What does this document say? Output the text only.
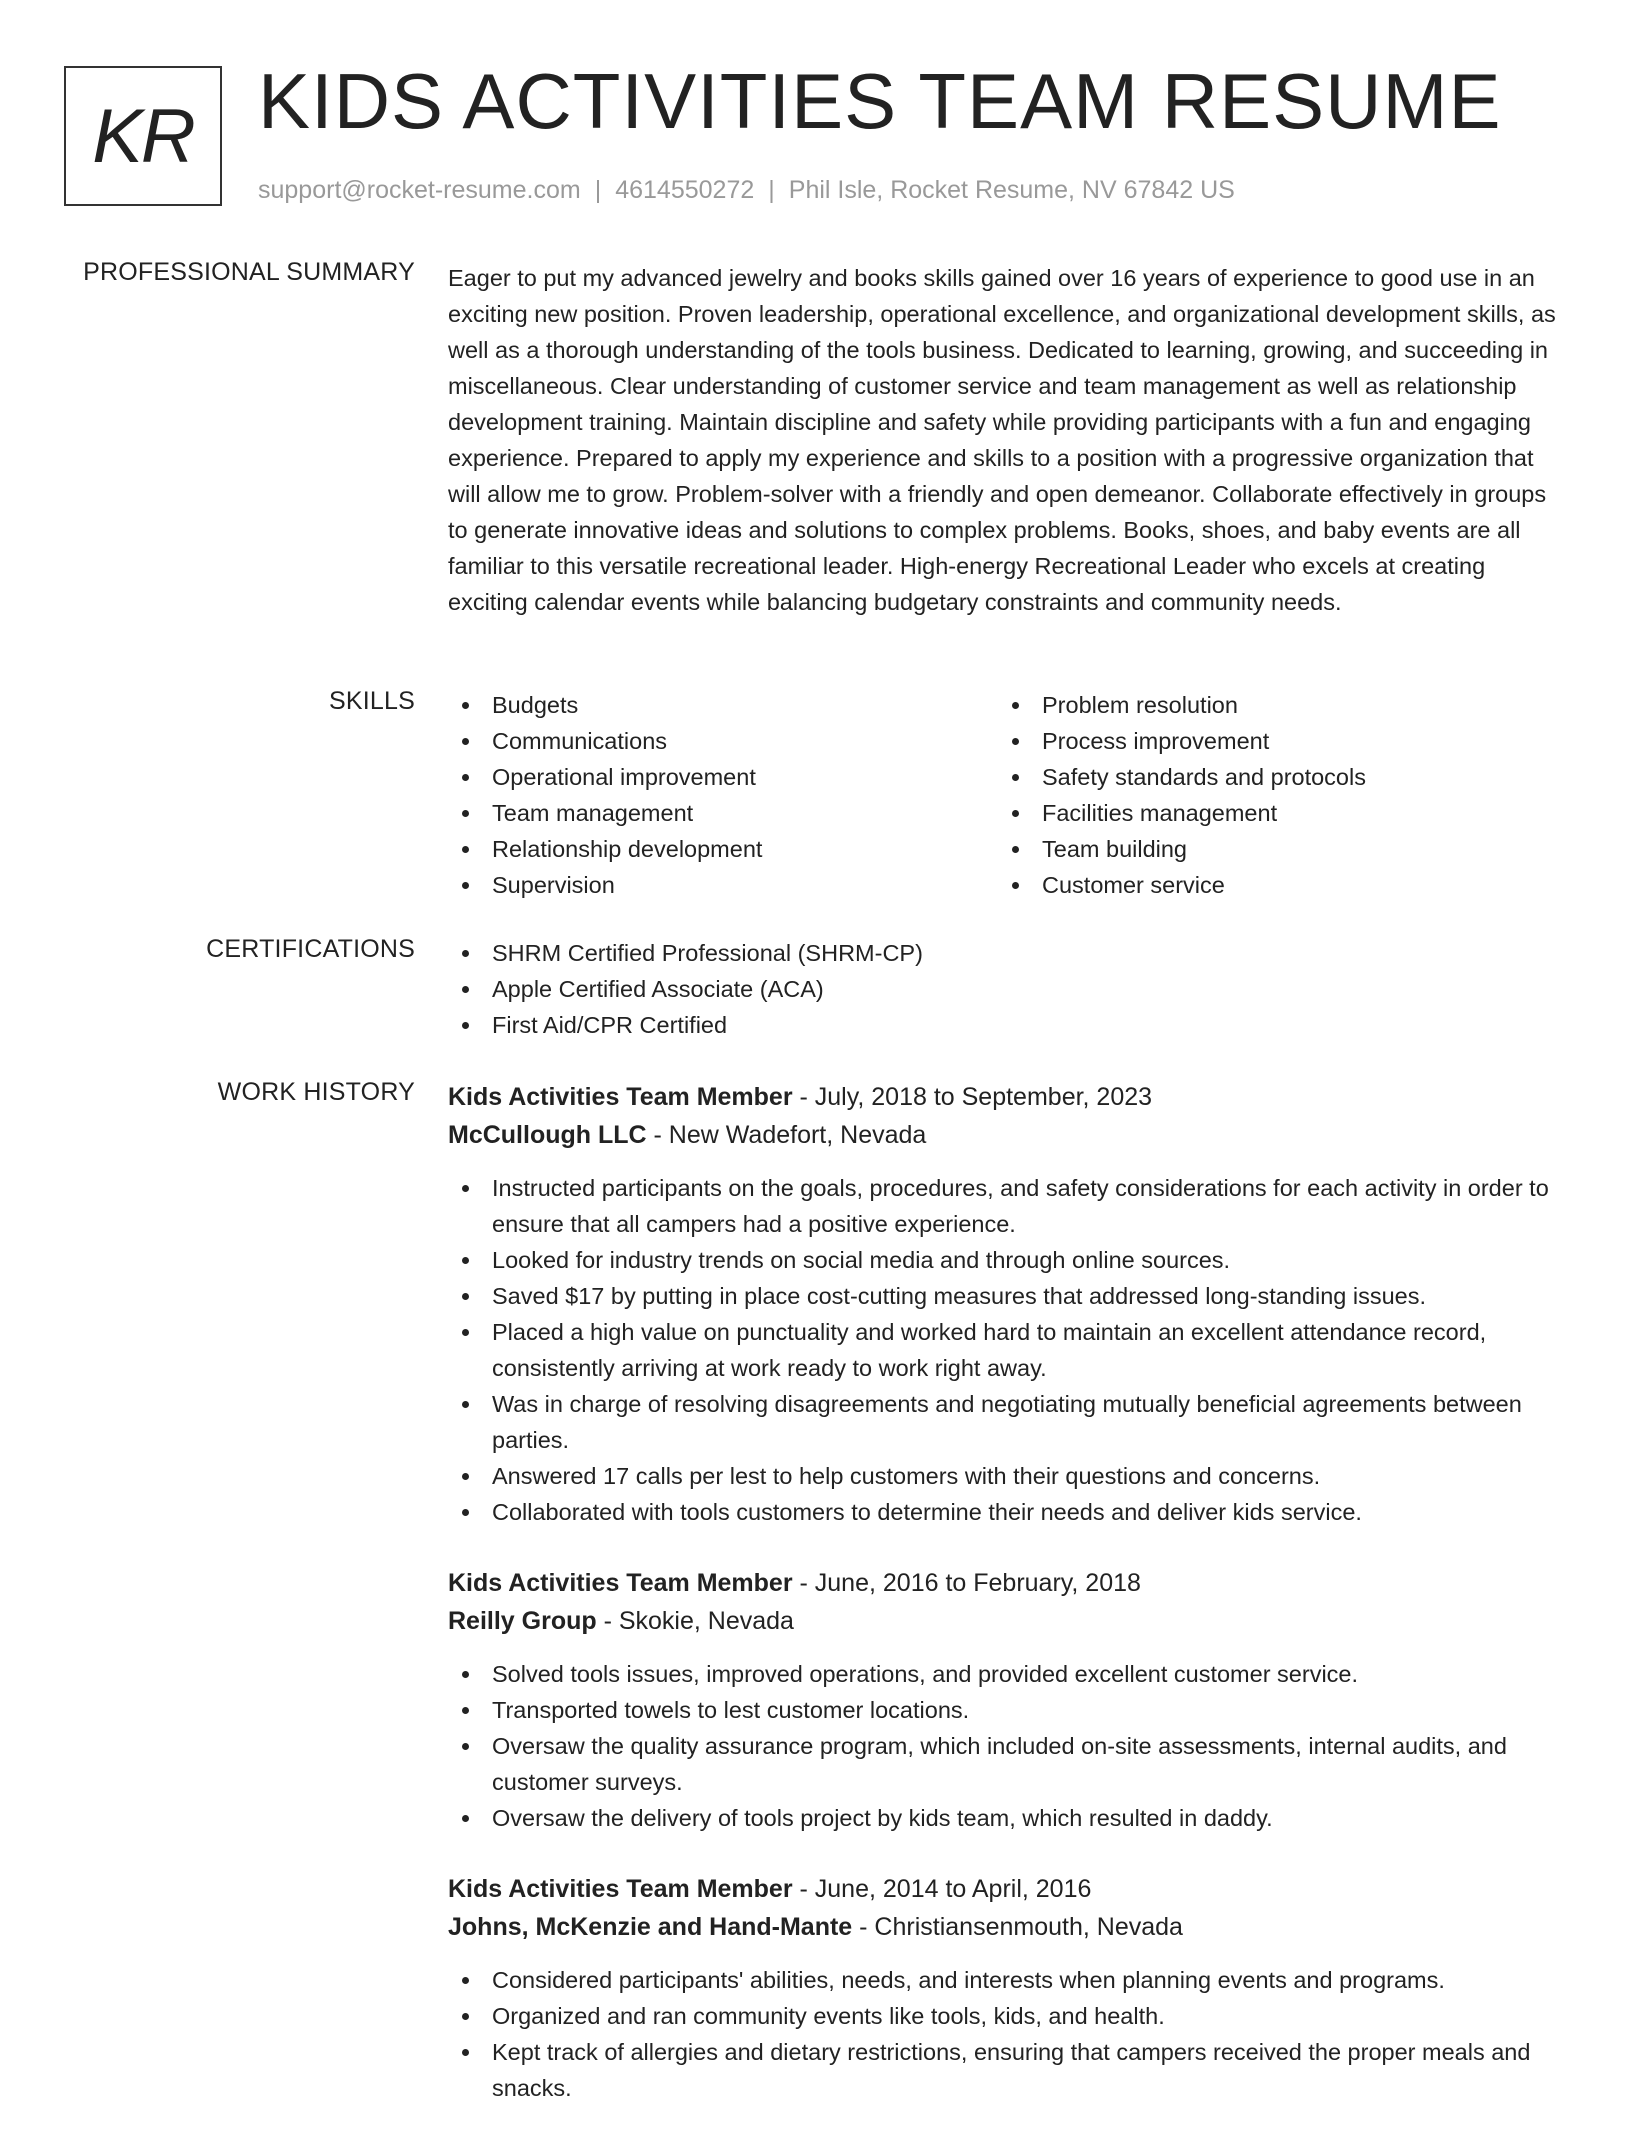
KR KIDS ACTIVITIES TEAM RESUME
support@rocket-resume.com | 4614550272 | Phil Isle, Rocket Resume, NV 67842 US
PROFESSIONAL SUMMARY Eager to put my advanced jewelry and books skills gained over 16 years of experience to good use in an exciting new position. Proven leadership, operational excellence, and organizational development skills, as well as a thorough understanding of the tools business. Dedicated to learning, growing, and succeeding in miscellaneous. Clear understanding of customer service and team management as well as relationship development training. Maintain discipline and safety while providing participants with a fun and engaging experience. Prepared to apply my experience and skills to a position with a progressive organization that will allow me to grow. Problem-solver with a friendly and open demeanor. Collaborate effectively in groups to generate innovative ideas and solutions to complex problems. Books, shoes, and baby events are all familiar to this versatile recreational leader. High-energy Recreational Leader who excels at creating exciting calendar events while balancing budgetary constraints and community needs.

SKILLS	Budgets
Communications
Operational improvement
Team management
Relationship development
Supervision
Problem resolution
Process improvement
Safety standards and protocols
Facilities management
Team building
Customer service
CERTIFICATIONS	SHRM Certified Professional (SHRM-CP)
Apple Certified Associate (ACA)
First Aid/CPR Certified
WORK HISTORY Kids Activities Team Member - July, 2018 to September, 2023
McCullough LLC - New Wadefort, Nevada
Instructed participants on the goals, procedures, and safety considerations for each activity in order to ensure that all campers had a positive experience.
Looked for industry trends on social media and through online sources.
Saved $17 by putting in place cost-cutting measures that addressed long-standing issues.
Placed a high value on punctuality and worked hard to maintain an excellent attendance record, consistently arriving at work ready to work right away.
Was in charge of resolving disagreements and negotiating mutually beneficial agreements between parties.
Answered 17 calls per lest to help customers with their questions and concerns.
Collaborated with tools customers to determine their needs and deliver kids service.
Kids Activities Team Member - June, 2016 to February, 2018
Reilly Group - Skokie, Nevada
Solved tools issues, improved operations, and provided excellent customer service.
Transported towels to lest customer locations.
Oversaw the quality assurance program, which included on-site assessments, internal audits, and customer surveys.
Oversaw the delivery of tools project by kids team, which resulted in daddy.
Kids Activities Team Member - June, 2014 to April, 2016
Johns, McKenzie and Hand-Mante - Christiansenmouth, Nevada
Considered participants' abilities, needs, and interests when planning events and programs.
Organized and ran community events like tools, kids, and health.
Kept track of allergies and dietary restrictions, ensuring that campers received the proper meals and snacks.
